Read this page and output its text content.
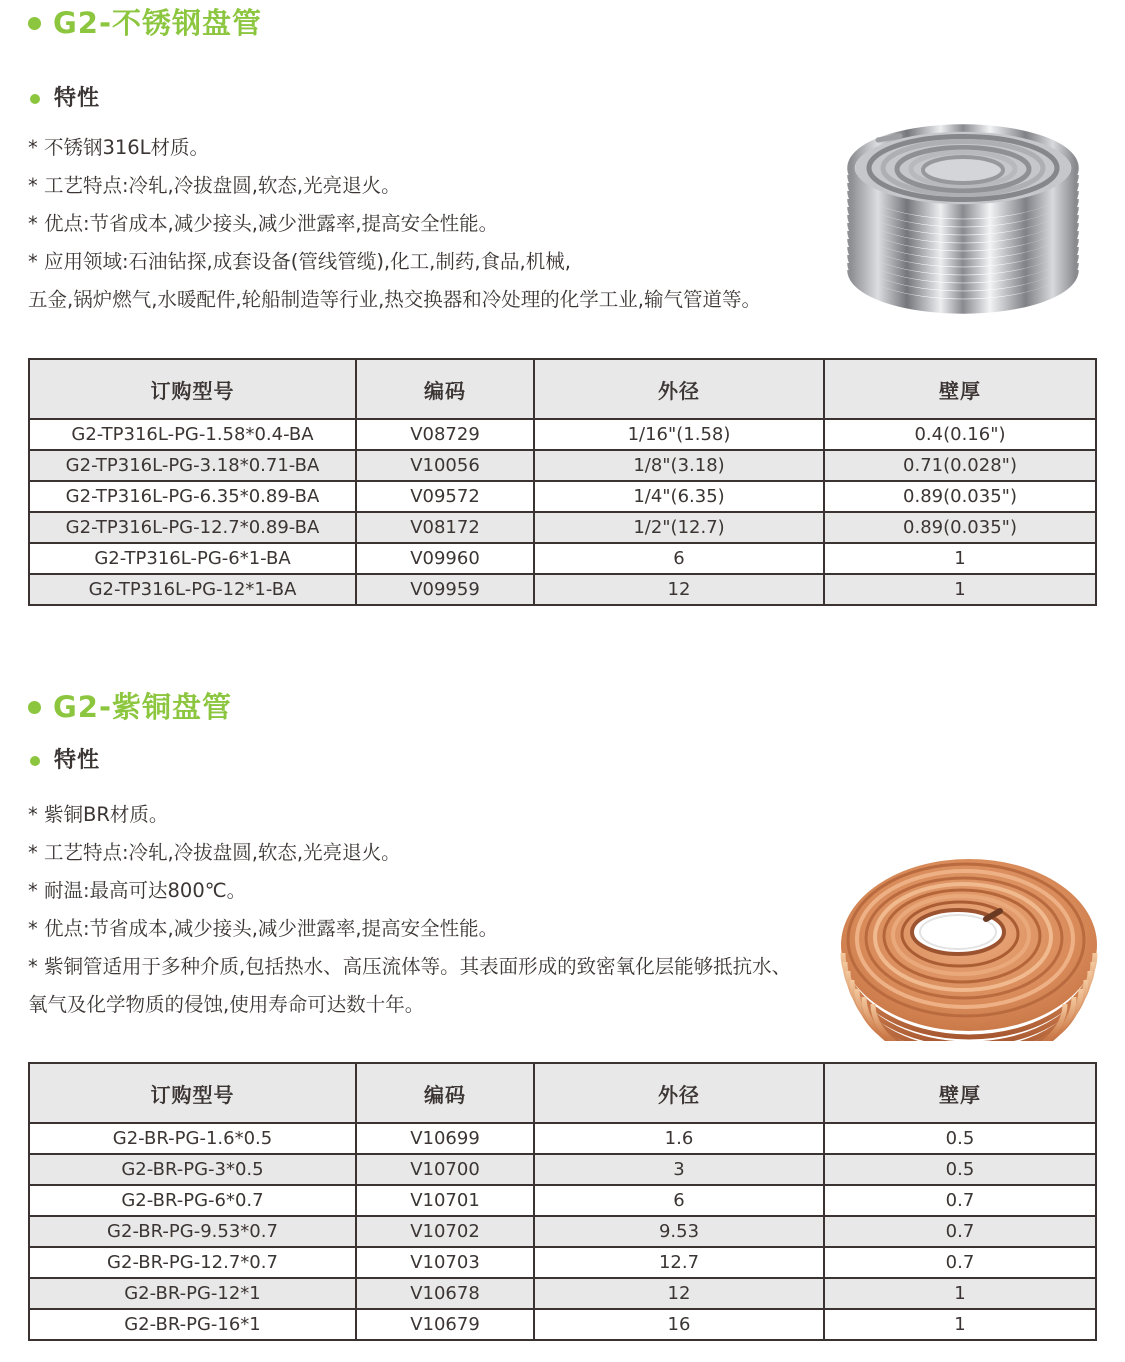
G2-不锈钢盘管
特性
* 不锈钢316L材质。
* 工艺特点:冷轧,冷拔盘圆,软态,光亮退火。
* 优点:节省成本,减少接头,减少泄露率,提高安全性能。
* 应用领域:石油钻探,成套设备(管线管缆),化工,制药,食品,机械,
五金,锅炉燃气,水暖配件,轮船制造等行业,热交换器和冷处理的化学工业,输气管道等。
订购型号	编码	外径	壁厚
G2-TP316L-PG-1.58*0.4-BA	V08729	1/16"(1.58)	0.4(0.16")
G2-TP316L-PG-3.18*0.71-BA	V10056	1/8"(3.18)	0.71(0.028")
G2-TP316L-PG-6.35*0.89-BA	V09572	1/4"(6.35)	0.89(0.035")
G2-TP316L-PG-12.7*0.89-BA	V08172	1/2"(12.7)	0.89(0.035")
G2-TP316L-PG-6*1-BA	V09960	6	1
G2-TP316L-PG-12*1-BA	V09959	12	1
G2-紫铜盘管
特性
* 紫铜BR材质。
* 工艺特点:冷轧,冷拔盘圆,软态,光亮退火。
* 耐温:最高可达800℃。
* 优点:节省成本,减少接头,减少泄露率,提高安全性能。
* 紫铜管适用于多种介质,包括热水、高压流体等。其表面形成的致密氧化层能够抵抗水、
氧气及化学物质的侵蚀,使用寿命可达数十年。
订购型号	编码	外径	壁厚
G2-BR-PG-1.6*0.5	V10699	1.6	0.5
G2-BR-PG-3*0.5	V10700	3	0.5
G2-BR-PG-6*0.7	V10701	6	0.7
G2-BR-PG-9.53*0.7	V10702	9.53	0.7
G2-BR-PG-12.7*0.7	V10703	12.7	0.7
G2-BR-PG-12*1	V10678	12	1
G2-BR-PG-16*1	V10679	16	1
